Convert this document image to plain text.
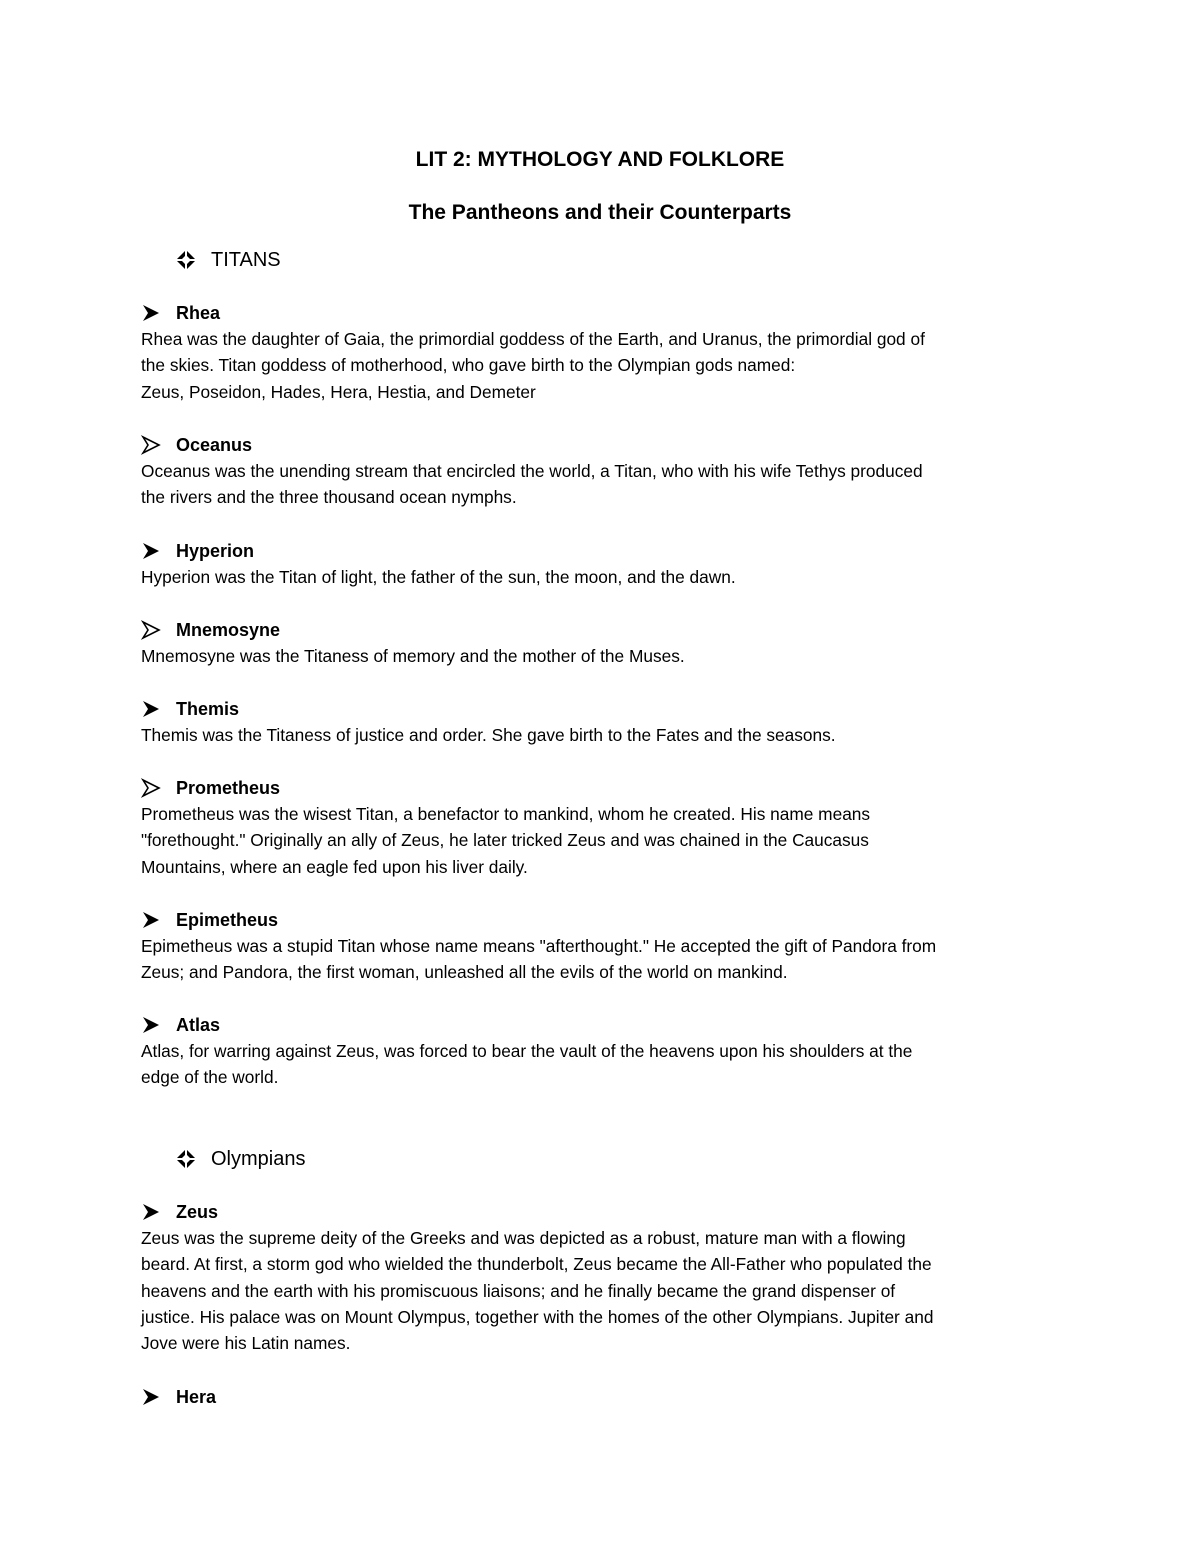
LIT 2: MYTHOLOGY AND FOLKLORE
The Pantheons and their Counterparts
TITANS
Rhea

Rhea was the daughter of Gaia, the primordial goddess of the Earth, and Uranus, the primordial god of
the skies. Titan goddess of motherhood, who gave birth to the Olympian gods named:
Zeus, Poseidon, Hades, Hera, Hestia, and Demeter

Oceanus

Oceanus was the unending stream that encircled the world, a Titan, who with his wife Tethys produced
the rivers and the three thousand ocean nymphs.

Hyperion

Hyperion was the Titan of light, the father of the sun, the moon, and the dawn.

Mnemosyne

Mnemosyne was the Titaness of memory and the mother of the Muses.

Themis

Themis was the Titaness of justice and order. She gave birth to the Fates and the seasons.

Prometheus

Prometheus was the wisest Titan, a benefactor to mankind, whom he created. His name means
"forethought." Originally an ally of Zeus, he later tricked Zeus and was chained in the Caucasus
Mountains, where an eagle fed upon his liver daily.

Epimetheus

Epimetheus was a stupid Titan whose name means "afterthought." He accepted the gift of Pandora from
Zeus; and Pandora, the first woman, unleashed all the evils of the world on mankind.

Atlas

Atlas, for warring against Zeus, was forced to bear the vault of the heavens upon his shoulders at the
edge of the world.

Olympians
Zeus

Zeus was the supreme deity of the Greeks and was depicted as a robust, mature man with a flowing
beard. At first, a storm god who wielded the thunderbolt, Zeus became the All-Father who populated the
heavens and the earth with his promiscuous liaisons; and he finally became the grand dispenser of
justice. His palace was on Mount Olympus, together with the homes of the other Olympians. Jupiter and
Jove were his Latin names.

Hera
